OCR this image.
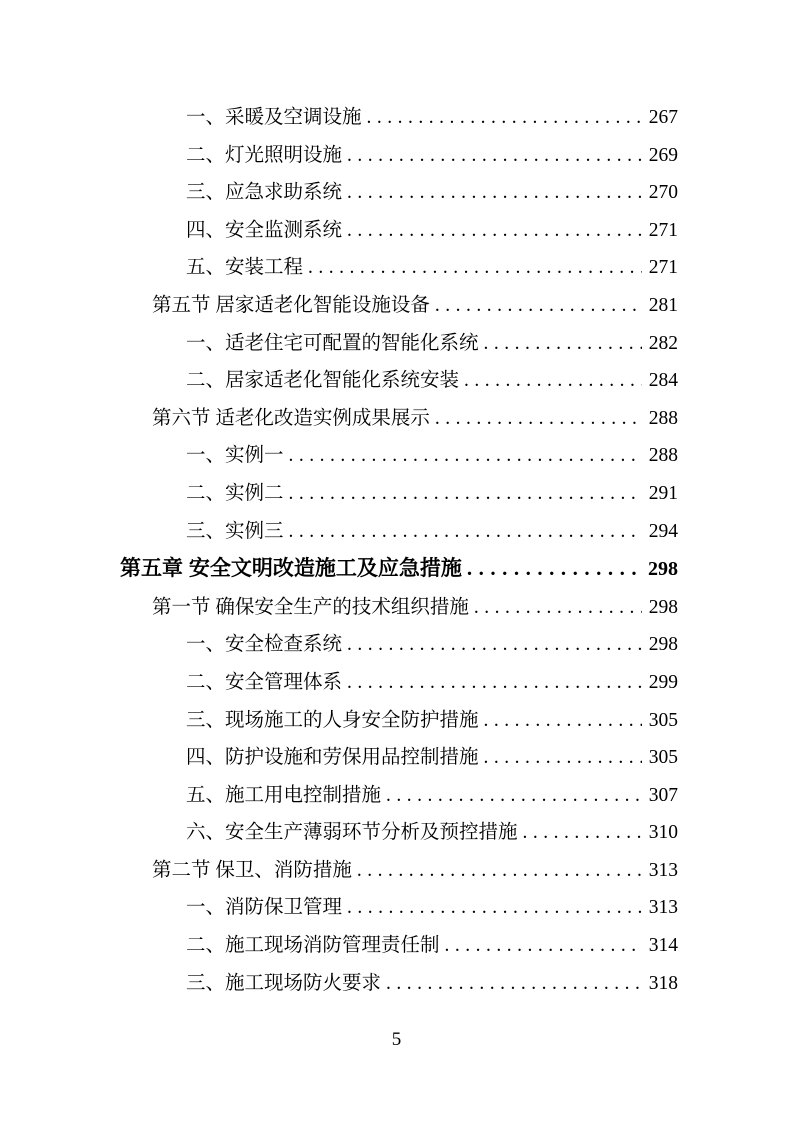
一、采暖及空调设施 .....	267
二、灯光照明设施 .....	269
三、应急求助系统 .....	270
四、安全监测系统 .....	271
五、安装工程 .....	271
第五节 居家适老化智能设施设备 .....	281
一、适老住宅可配置的智能化系统 .....	282
二、居家适老化智能化系统安装 .....	284
第六节 适老化改造实例成果展示 .....	288
一、实例一 .....	288
二、实例二 .....	291
三、实例三 .....	294
第五章 安全文明改造施工及应急措施 .....	298
第一节 确保安全生产的技术组织措施 .....	298
一、安全检查系统 .....	298
二、安全管理体系 .....	299
三、现场施工的人身安全防护措施 .....	305
四、防护设施和劳保用品控制措施 .....	305
五、施工用电控制措施 .....	307
六、安全生产薄弱环节分析及预控措施 .....	310
第二节 保卫、消防措施 .....	313
一、消防保卫管理 .....	313
二、施工现场消防管理责任制 .....	314
三、施工现场防火要求 .....	318
5
